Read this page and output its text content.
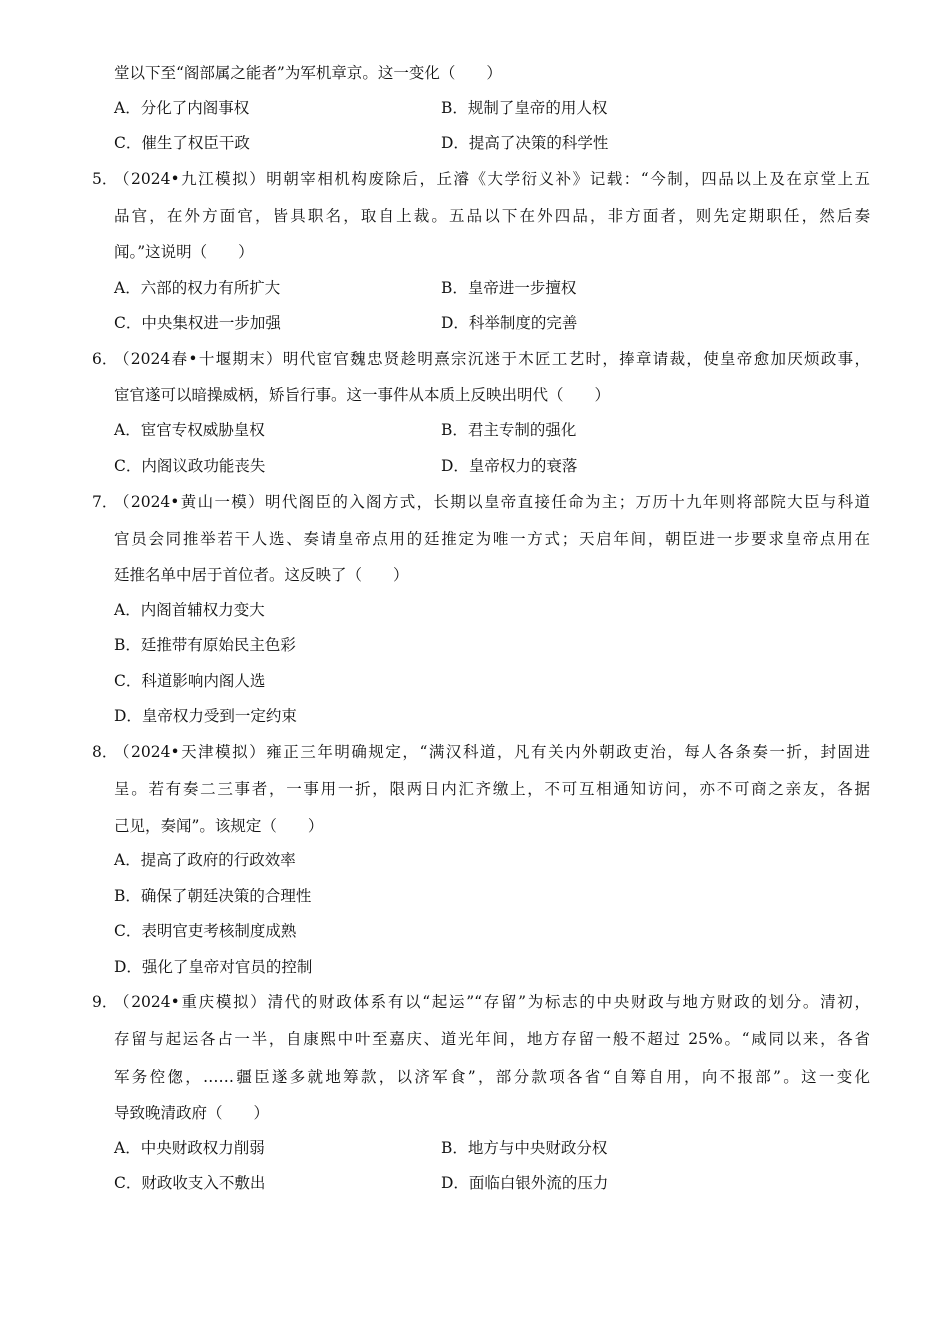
堂以下至“阁部属之能者”为军机章京。这一变化（　　）
A．分化了内阁事权	B．规制了皇帝的用人权
C．催生了权臣干政	D．提高了决策的科学性
5．
（2024•九江模拟）明朝宰相机构废除后，丘濬《大学衍义补》记载：“今制，四品以上及在京堂上五
品官，在外方面官，皆具职名，取自上裁。五品以下在外四品，非方面者，则先定期职任，然后奏
闻。”这说明（　　）
A．六部的权力有所扩大	B．皇帝进一步擅权
C．中央集权进一步加强	D．科举制度的完善
6．
（2024春•十堰期末）明代宦官魏忠贤趁明熹宗沉迷于木匠工艺时，捧章请裁，使皇帝愈加厌烦政事，
宦官遂可以暗操威柄，矫旨行事。这一事件从本质上反映出明代（　　）
A．宦官专权威胁皇权	B．君主专制的强化
C．内阁议政功能丧失	D．皇帝权力的衰落
7．
（2024•黄山一模）明代阁臣的入阁方式，长期以皇帝直接任命为主；万历十九年则将部院大臣与科道
官员会同推举若干人选、奏请皇帝点用的廷推定为唯一方式；天启年间，朝臣进一步要求皇帝点用在
廷推名单中居于首位者。这反映了（　　）
A．内阁首辅权力变大
B．廷推带有原始民主色彩
C．科道影响内阁人选
D．皇帝权力受到一定约束
8．
（2024•天津模拟）雍正三年明确规定，“满汉科道，凡有关内外朝政吏治，每人各条奏一折，封固进
呈。若有奏二三事者，一事用一折，限两日内汇齐缴上，不可互相通知访问，亦不可商之亲友，各据
己见，奏闻”。该规定（　　）
A．提高了政府的行政效率
B．确保了朝廷决策的合理性
C．表明官吏考核制度成熟
D．强化了皇帝对官员的控制
9．
（2024•重庆模拟）清代的财政体系有以“起运”“存留”为标志的中央财政与地方财政的划分。清初，
存留与起运各占一半，自康熙中叶至嘉庆、道光年间，地方存留一般不超过 25%。“咸同以来，各省
军务倥偬，……疆臣遂多就地筹款，以济军食”，部分款项各省“自筹自用，向不报部”。这一变化
导致晚清政府（　　）
A．中央财政权力削弱	B．地方与中央财政分权
C．财政收支入不敷出	D．面临白银外流的压力
